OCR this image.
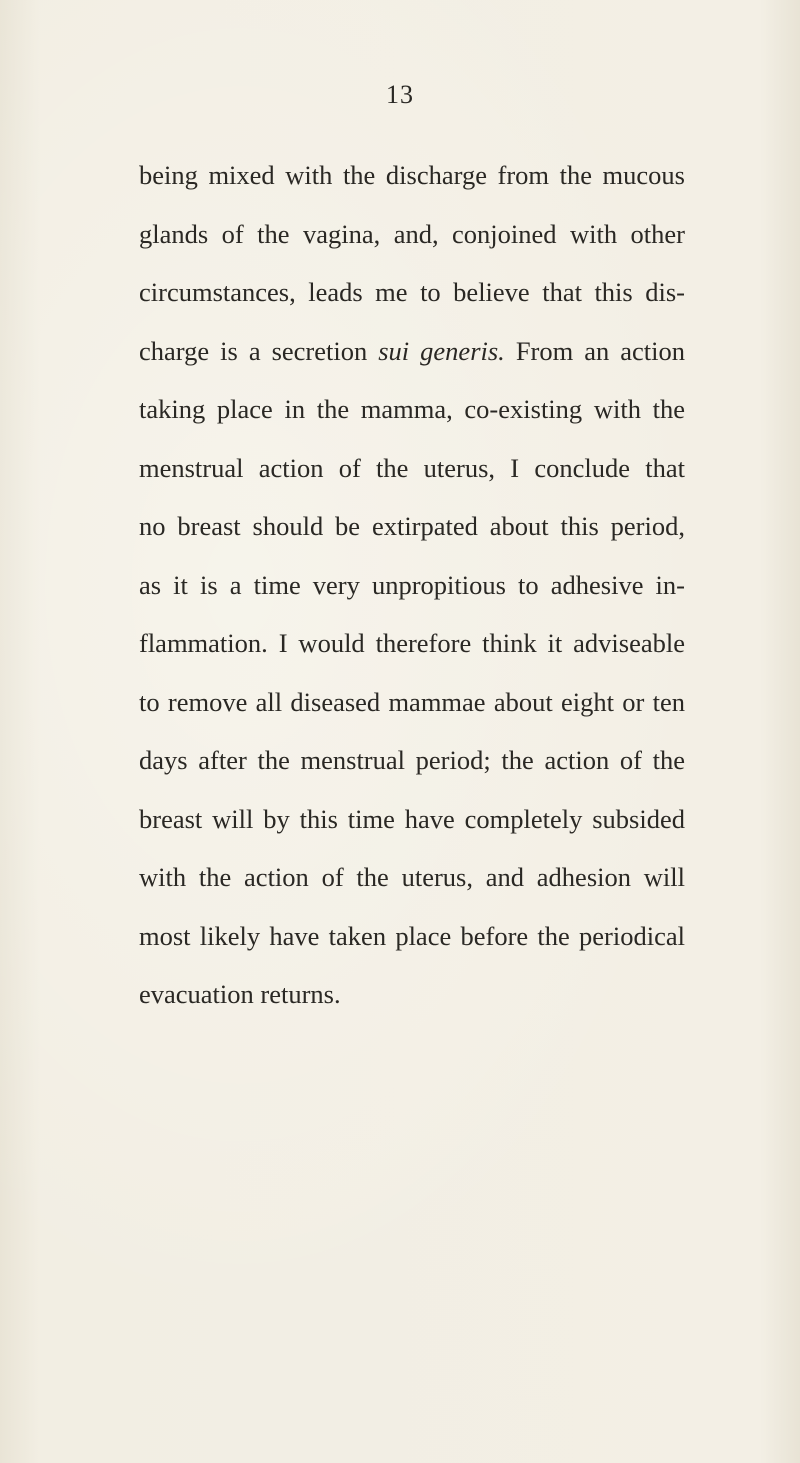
13
being mixed with the discharge from the mucous
glands of the vagina, and, conjoined with other
circumstances, leads me to believe that this dis-
charge is a secretion sui generis. From an action
taking place in the mamma, co-existing with the
menstrual action of the uterus, I conclude that
no breast should be extirpated about this period,
as it is a time very unpropitious to adhesive in-
flammation. I would therefore think it adviseable
to remove all diseased mammae about eight or ten
days after the menstrual period; the action of the
breast will by this time have completely subsided
with the action of the uterus, and adhesion will
most likely have taken place before the periodical
evacuation returns.
